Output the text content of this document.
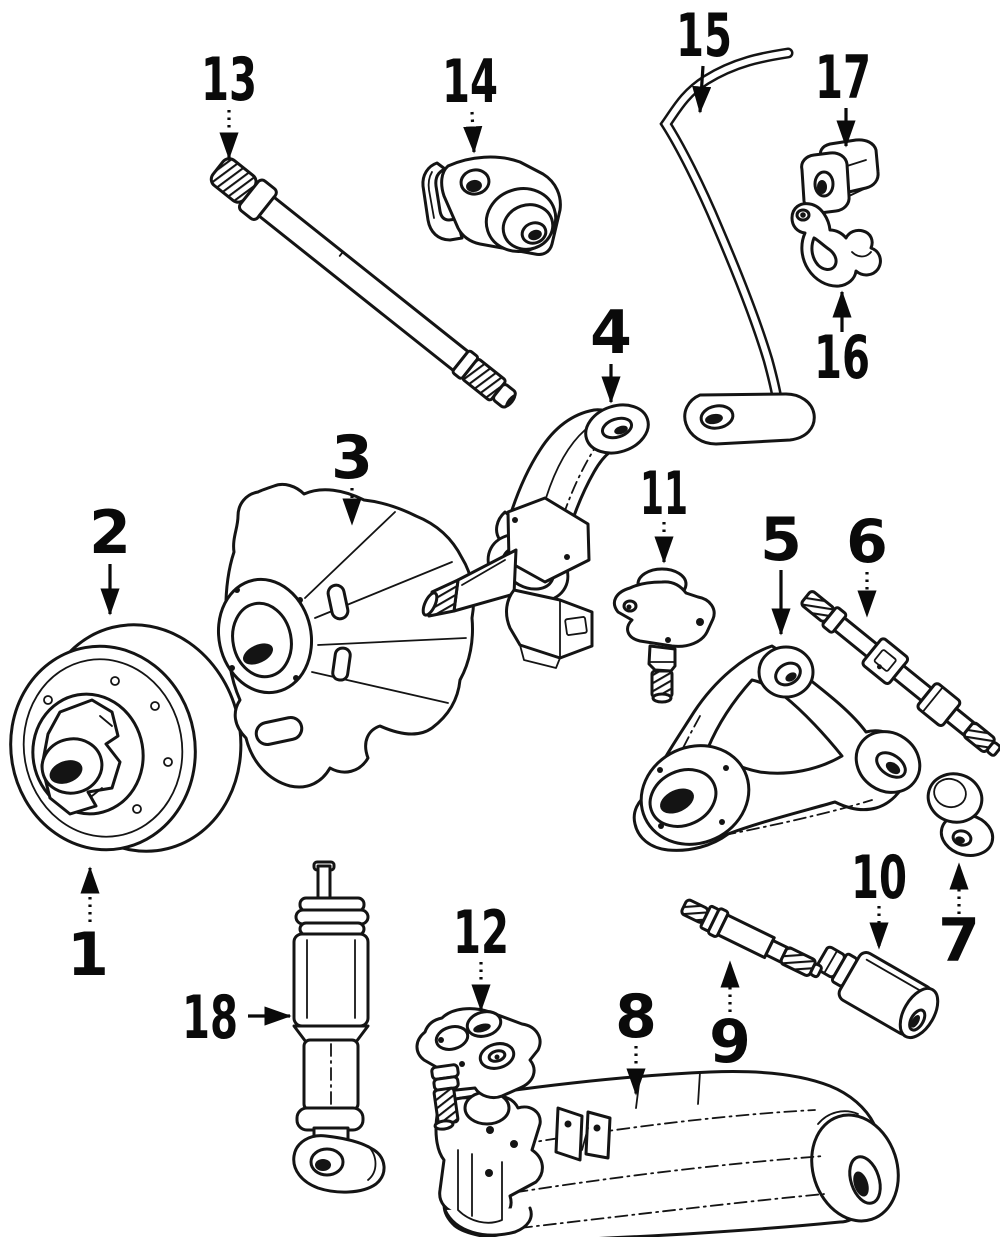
1
2
3
4
5 6
7
8 9
10
11
12
13	14
15
16
17
18
